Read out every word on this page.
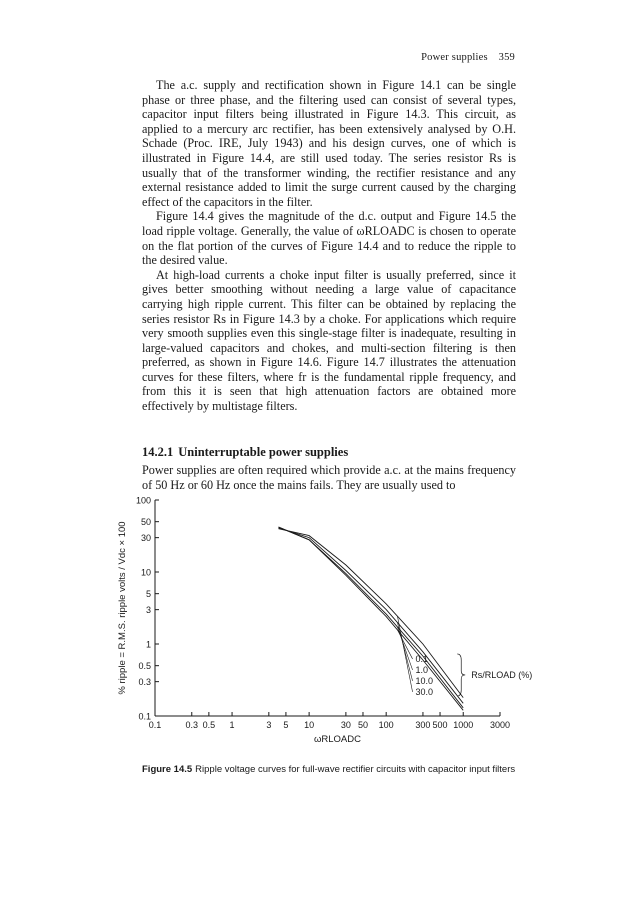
Power supplies 359

The a.c. supply and rectification shown in Figure 14.1 can be single phase or three phase, and the filtering used can consist of several types, capacitor input filters being illustrated in Figure 14.3. This circuit, as applied to a mercury arc rectifier, has been extensively analysed by O.H. Schade (Proc. IRE, July 1943) and his design curves, one of which is illustrated in Figure 14.4, are still used today. The series resistor Rs is usually that of the transformer winding, the rectifier resistance and any external resistance added to limit the surge current caused by the charging effect of the capacitors in the filter.

Figure 14.4 gives the magnitude of the d.c. output and Figure 14.5 the load ripple voltage. Generally, the value of ωRLOADC is chosen to operate on the flat portion of the curves of Figure 14.4 and to reduce the ripple to the desired value.

At high-load currents a choke input filter is usually preferred, since it gives better smoothing without needing a large value of capacitance carrying high ripple current. This filter can be obtained by replacing the series resistor Rs in Figure 14.3 by a choke. For applications which require very smooth supplies even this single-stage filter is inadequate, resulting in large-valued capacitors and chokes, and multi-section filtering is then preferred, as shown in Figure 14.6. Figure 14.7 illustrates the attenuation curves for these filters, where fr is the fundamental ripple frequency, and from this it is seen that high attenuation factors are obtained more effectively by multistage filters.

14.2.1 Uninterruptable power supplies

Power supplies are often required which provide a.c. at the mains frequency of 50 Hz or 60 Hz once the mains fails. They are usually used to

100
50
30
10
5
3
1
0.5
0.3
0.1
0.1	0.3 0.5 1	3 5 10	30 50 100 300 500 1000 3000
0.1
1.0
10.0
30.0
Rs/RLOAD (%)
ωRLOADC
% ripple = R.M.S. ripple volts / Vdc × 100
Figure 14.5 Ripple voltage curves for full-wave rectifier circuits with capacitor input filters
